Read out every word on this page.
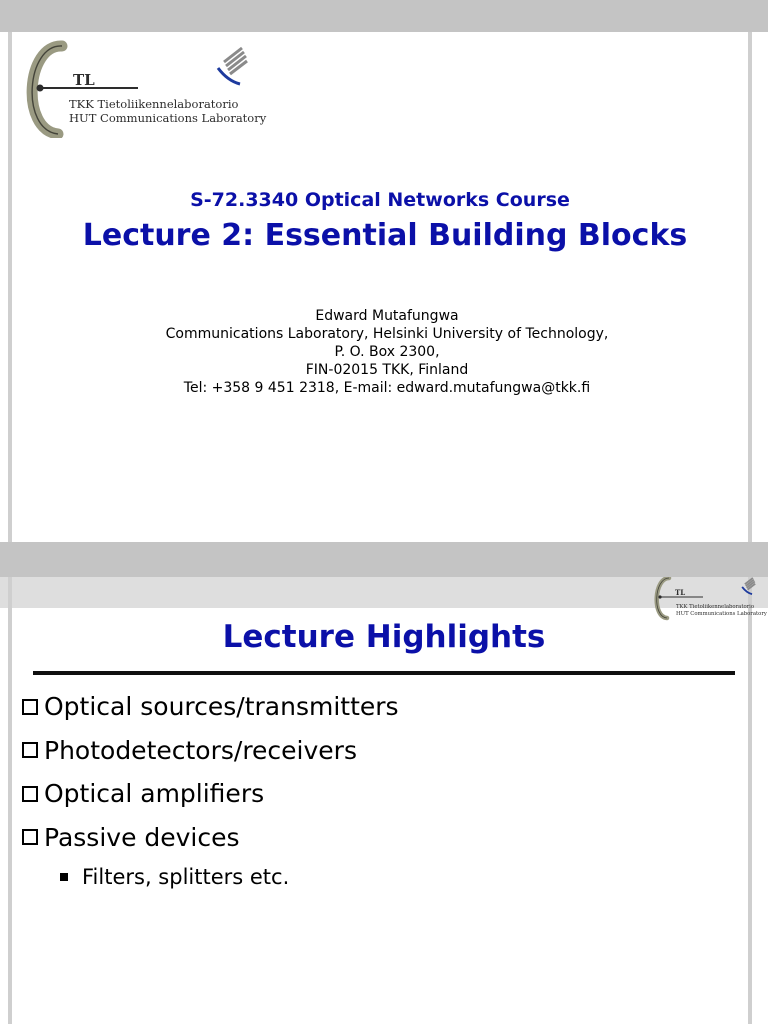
TL
TKK Tietoliikennelaboratorio
HUT Communications Laboratory
S-72.3340 Optical Networks Course
Lecture 2: Essential Building Blocks
Edward Mutafungwa
Communications Laboratory, Helsinki University of Technology,
P. O. Box 2300,
FIN-02015 TKK, Finland
Tel: +358 9 451 2318, E-mail: edward.mutafungwa@tkk.fi
TL
TKK Tietoliikennelaboratorio
HUT Communications Laboratory
Lecture Highlights
Optical sources/transmitters
Photodetectors/receivers
Optical amplifiers
Passive devices
Filters, splitters etc.
